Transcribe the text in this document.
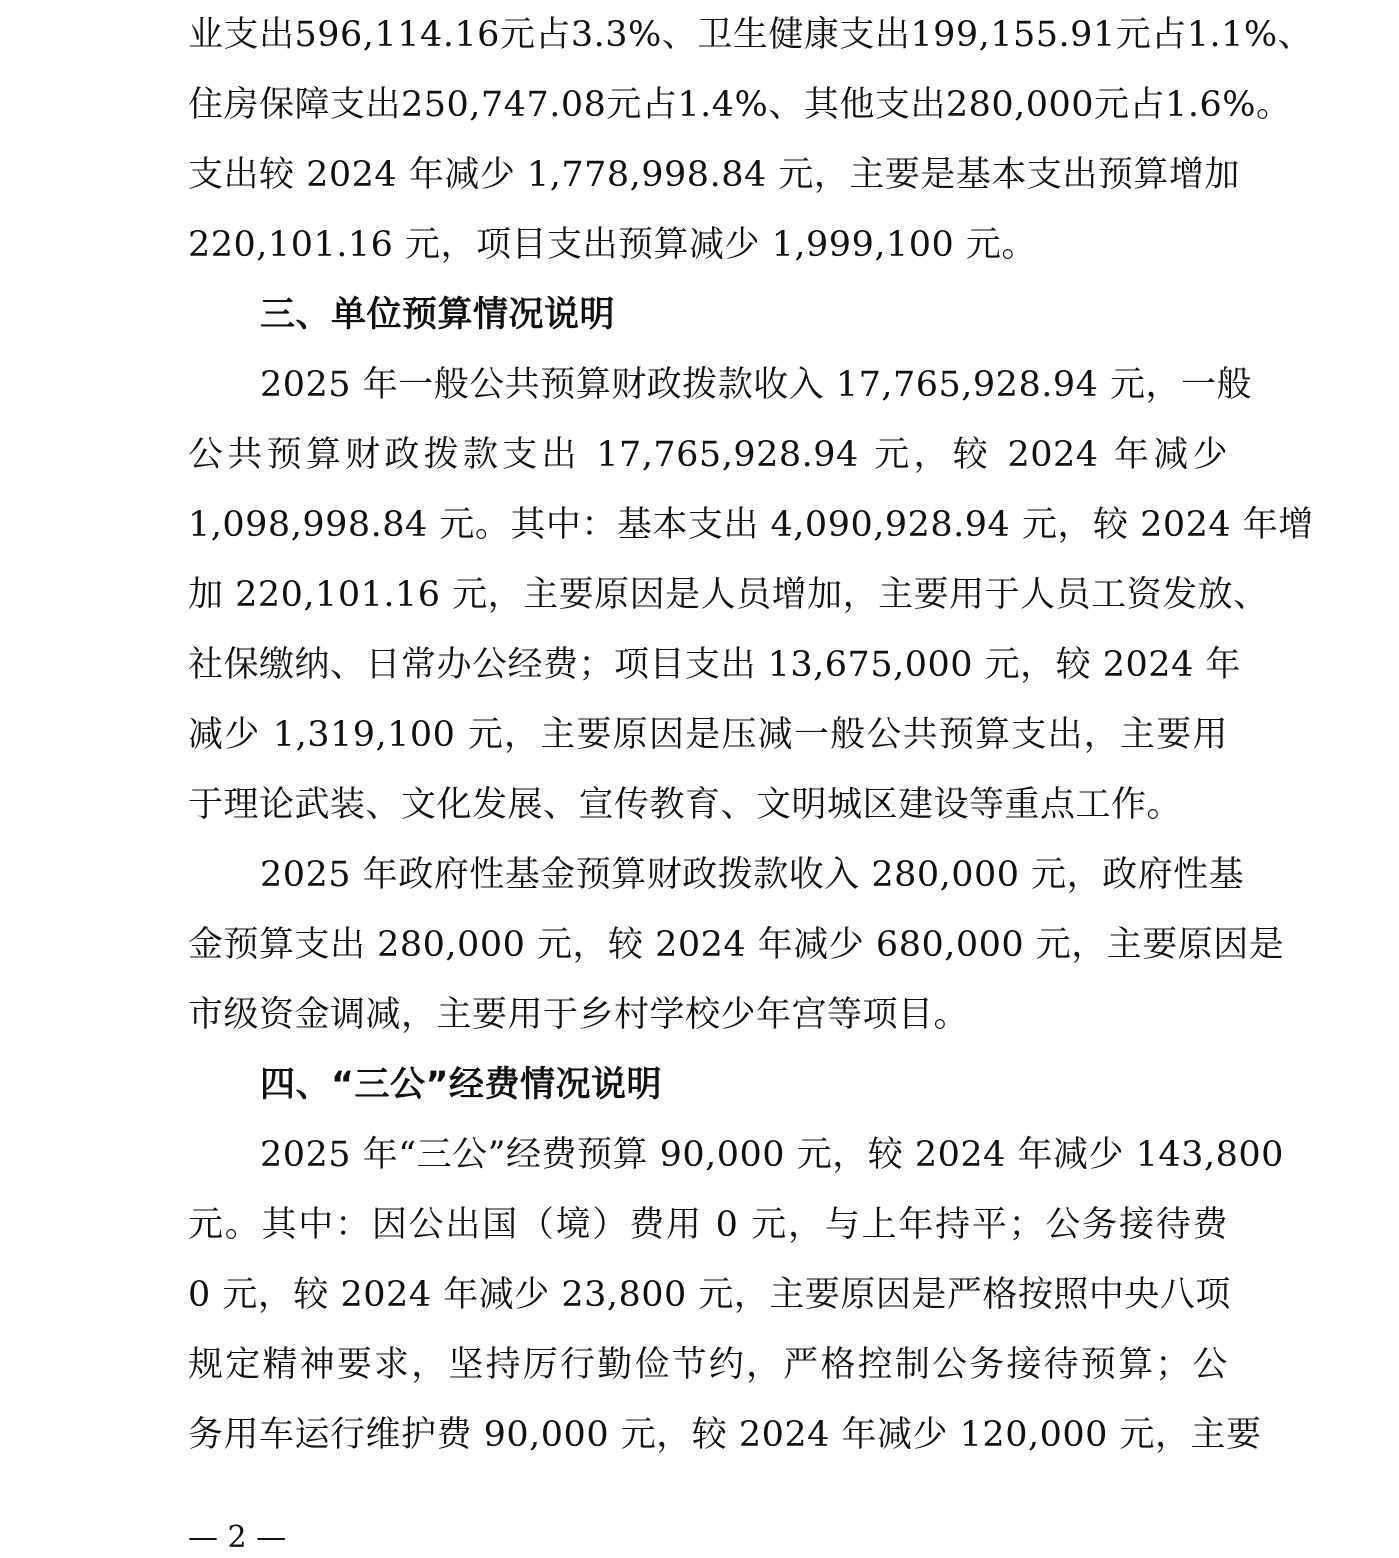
业支出596,114.16元占3.3%、卫生健康支出199,155.91元占1.1%、
住房保障支出250,747.08元占1.4%、其他支出280,000元占1.6%。
支出较 2024 年减少 1,778,998.84 元，主要是基本支出预算增加
220,101.16 元，项目支出预算减少 1,999,100 元。
三、单位预算情况说明
2025 年一般公共预算财政拨款收入 17,765,928.94 元，一般
公共预算财政拨款支出 17,765,928.94 元，较 2024 年减少
1,098,998.84 元。其中：基本支出 4,090,928.94 元，较 2024 年增
加 220,101.16 元，主要原因是人员增加，主要用于人员工资发放、
社保缴纳、日常办公经费；项目支出 13,675,000 元，较 2024 年
减少 1,319,100 元，主要原因是压减一般公共预算支出，主要用
于理论武装、文化发展、宣传教育、文明城区建设等重点工作。
2025 年政府性基金预算财政拨款收入 280,000 元，政府性基
金预算支出 280,000 元，较 2024 年减少 680,000 元，主要原因是
市级资金调减，主要用于乡村学校少年宫等项目。
四、“三公”经费情况说明
2025 年“三公”经费预算 90,000 元，较 2024 年减少 143,800
元。其中：因公出国（境）费用 0 元，与上年持平；公务接待费
0 元，较 2024 年减少 23,800 元，主要原因是严格按照中央八项
规定精神要求，坚持厉行勤俭节约，严格控制公务接待预算；公
务用车运行维护费 90,000 元，较 2024 年减少 120,000 元，主要
— 2 —
